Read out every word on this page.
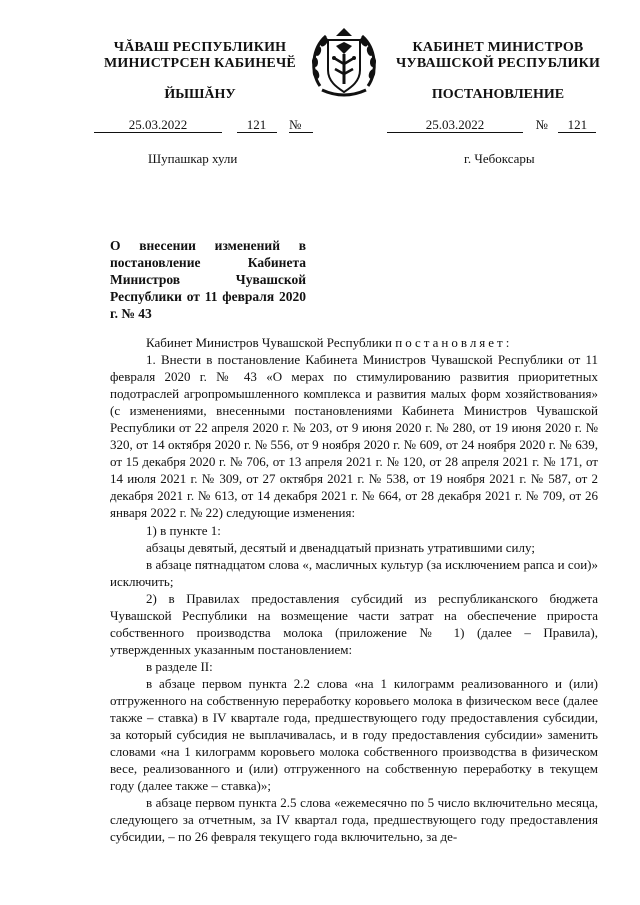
ЧĂВАШ РЕСПУБЛИКИН
МИНИСТРСЕН КАБИНЕЧӖ
КАБИНЕТ МИНИСТРОВ
ЧУВАШСКОЙ РЕСПУБЛИКИ
ЙЫШĂНУ	ПОСТАНОВЛЕНИЕ
25.03.2022	121 №	25.03.2022	№ 121
Шупашкар хули	г. Чебоксары
О внесении изменений в постановление Кабинета Министров Чувашской Республики от 11 февраля 2020 г. № 43

Кабинет Министров Чувашской Республики постановляет:

1. Внести в постановление Кабинета Министров Чувашской Республики от 11 февраля 2020 г. № 43 «О мерах по стимулированию развития приоритетных подотраслей агропромышленного комплекса и развития малых форм хозяйствования» (с изменениями, внесенными постановлениями Кабинета Министров Чувашской Республики от 22 апреля 2020 г. № 203, от 9 июня 2020 г. № 280, от 19 июня 2020 г. № 320, от 14 октября 2020 г. № 556, от 9 ноября 2020 г. № 609, от 24 ноября 2020 г. № 639, от 15 декабря 2020 г. № 706, от 13 апреля 2021 г. № 120, от 28 апреля 2021 г. № 171, от 14 июля 2021 г. № 309, от 27 октября 2021 г. № 538, от 19 ноября 2021 г. № 587, от 2 декабря 2021 г. № 613, от 14 декабря 2021 г. № 664, от 28 декабря 2021 г. № 709, от 26 января 2022 г. № 22) следующие изменения:

1) в пункте 1:

абзацы девятый, десятый и двенадцатый признать утратившими силу;

в абзаце пятнадцатом слова «, масличных культур (за исключением рапса и сои)» исключить;

2) в Правилах предоставления субсидий из республиканского бюджета Чувашской Республики на возмещение части затрат на обеспечение прироста собственного производства молока (приложение № 1) (далее – Правила), утвержденных указанным постановлением:

в разделе II:

в абзаце первом пункта 2.2 слова «на 1 килограмм реализованного и (или) отгруженного на собственную переработку коровьего молока в физическом весе (далее также – ставка) в IV квартале года, предшествующего году предоставления субсидии, за который субсидия не выплачивалась, и в году предоставления субсидии» заменить словами «на 1 килограмм коровьего молока собственного производства в физическом весе, реализованного и (или) отгруженного на собственную переработку в текущем году (далее также – ставка)»;

в абзаце первом пункта 2.5 слова «ежемесячно по 5 число включительно месяца, следующего за отчетным, за IV квартал года, предшествующего году предоставления субсидии, – по 26 февраля текущего года включительно, за де-
